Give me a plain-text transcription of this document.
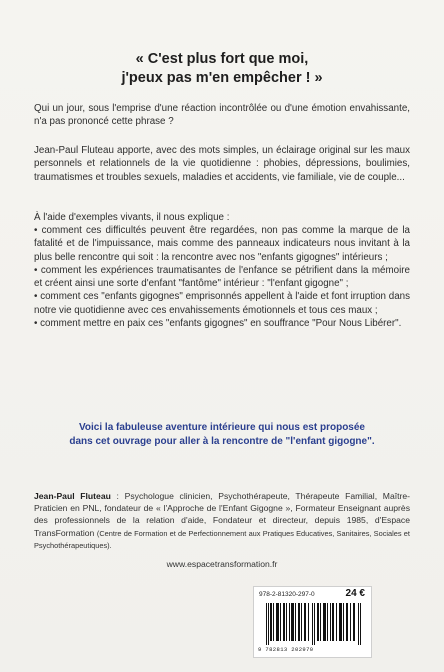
« C'est plus fort que moi,
j'peux pas m'en empêcher ! »

Qui un jour, sous l'emprise d'une réaction incontrôlée ou d'une émotion envahissante, n'a pas prononcé cette phrase ?

Jean-Paul Fluteau apporte, avec des mots simples, un éclairage original sur les maux personnels et relationnels de la vie quotidienne : phobies, dépressions, boulimies, traumatismes et troubles sexuels, maladies et accidents, vie familiale, vie de couple...

À l'aide d'exemples vivants, il nous explique :

• comment ces difficultés peuvent être regardées, non pas comme la marque de la fatalité et de l'impuissance, mais comme des panneaux indicateurs nous invitant à la plus belle rencontre qui soit : la rencontre avec nos "enfants gigognes" intérieurs ;
• comment les expériences traumatisantes de l'enfance se pétrifient dans la mémoire et créent ainsi une sorte d'enfant "fantôme" intérieur : "l'enfant gigogne" ;
• comment ces "enfants gigognes" emprisonnés appellent à l'aide et font irruption dans notre vie quotidienne avec ces envahissements émotionnels et tous ces maux ;
• comment mettre en paix ces "enfants gigognes" en souffrance "Pour Nous Libérer".
Voici la fabuleuse aventure intérieure qui nous est proposée
dans cet ouvrage pour aller à la rencontre de "l'enfant gigogne".

Jean-Paul Fluteau : Psychologue clinicien, Psychothérapeute, Thérapeute Familial, Maître-Praticien en PNL, fondateur de « l'Approche de l'Enfant Gigogne », Formateur Enseignant auprès des professionnels de la relation d'aide, Fondateur et directeur, depuis 1985, d'Espace TransFormation (Centre de Formation et de Perfectionnement aux Pratiques Educatives, Sanitaires, Sociales et Psychothérapeutiques).

www.espacetransformation.fr
978-2-81320-297-0	24 €
9 782813 202970
